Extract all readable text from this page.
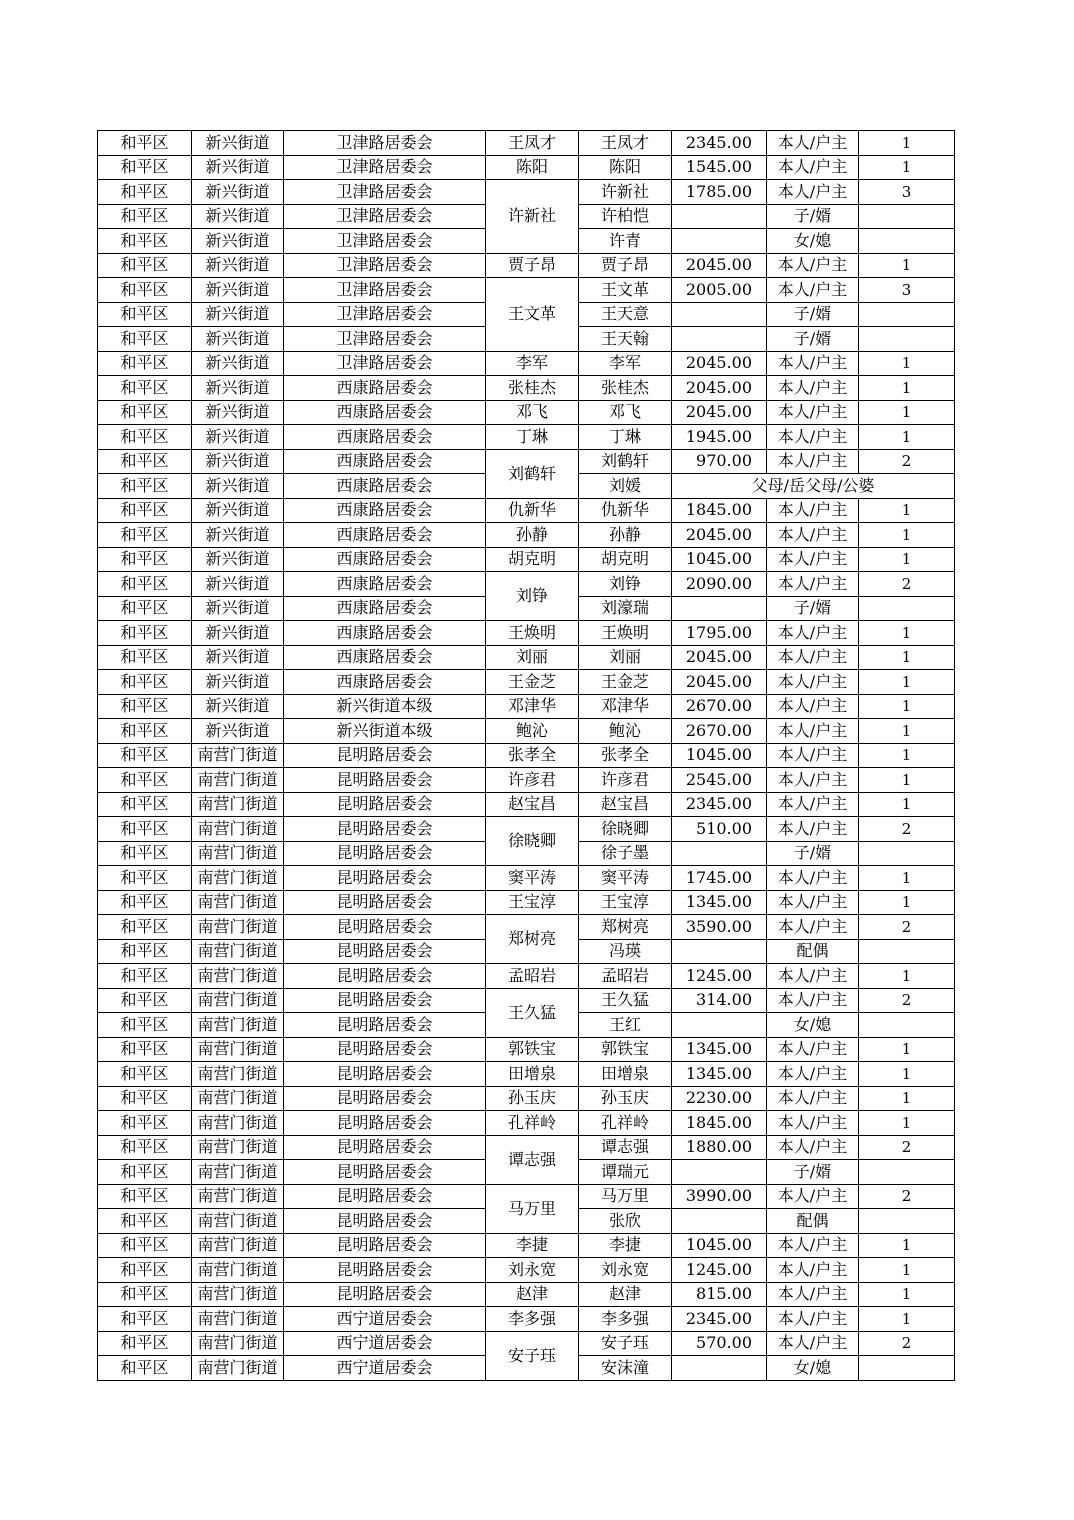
和平区	新兴街道	卫津路居委会	王凤才	王凤才	2345.00	本人/户主	1
和平区	新兴街道	卫津路居委会	陈阳	陈阳	1545.00	本人/户主	1
和平区	新兴街道	卫津路居委会	许新社	许新社	1785.00	本人/户主	3
和平区	新兴街道	卫津路居委会		许柏恺		子/婿	
和平区	新兴街道	卫津路居委会		许青		女/媳	
和平区	新兴街道	卫津路居委会	贾子昂	贾子昂	2045.00	本人/户主	1
和平区	新兴街道	卫津路居委会	王文革	王文革	2005.00	本人/户主	3
和平区	新兴街道	卫津路居委会		王天意		子/婿	
和平区	新兴街道	卫津路居委会		王天翰		子/婿	
和平区	新兴街道	卫津路居委会	李军	李军	2045.00	本人/户主	1
和平区	新兴街道	西康路居委会	张桂杰	张桂杰	2045.00	本人/户主	1
和平区	新兴街道	西康路居委会	邓飞	邓飞	2045.00	本人/户主	1
和平区	新兴街道	西康路居委会	丁琳	丁琳	1945.00	本人/户主	1
和平区	新兴街道	西康路居委会	刘鹤轩	刘鹤轩	970.00	本人/户主	2
和平区	新兴街道	西康路居委会		刘媛	父母/岳父母/公婆		
和平区	新兴街道	西康路居委会	仇新华	仇新华	1845.00	本人/户主	1
和平区	新兴街道	西康路居委会	孙静	孙静	2045.00	本人/户主	1
和平区	新兴街道	西康路居委会	胡克明	胡克明	1045.00	本人/户主	1
和平区	新兴街道	西康路居委会	刘铮	刘铮	2090.00	本人/户主	2
和平区	新兴街道	西康路居委会		刘濠瑞		子/婿	
和平区	新兴街道	西康路居委会	王焕明	王焕明	1795.00	本人/户主	1
和平区	新兴街道	西康路居委会	刘丽	刘丽	2045.00	本人/户主	1
和平区	新兴街道	西康路居委会	王金芝	王金芝	2045.00	本人/户主	1
和平区	新兴街道	新兴街道本级	邓津华	邓津华	2670.00	本人/户主	1
和平区	新兴街道	新兴街道本级	鲍沁	鲍沁	2670.00	本人/户主	1
和平区	南营门街道	昆明路居委会	张孝全	张孝全	1045.00	本人/户主	1
和平区	南营门街道	昆明路居委会	许彦君	许彦君	2545.00	本人/户主	1
和平区	南营门街道	昆明路居委会	赵宝昌	赵宝昌	2345.00	本人/户主	1
和平区	南营门街道	昆明路居委会	徐晓卿	徐晓卿	510.00	本人/户主	2
和平区	南营门街道	昆明路居委会		徐子墨		子/婿	
和平区	南营门街道	昆明路居委会	窦平涛	窦平涛	1745.00	本人/户主	1
和平区	南营门街道	昆明路居委会	王宝淳	王宝淳	1345.00	本人/户主	1
和平区	南营门街道	昆明路居委会	郑树亮	郑树亮	3590.00	本人/户主	2
和平区	南营门街道	昆明路居委会		冯瑛		配偶	
和平区	南营门街道	昆明路居委会	孟昭岩	孟昭岩	1245.00	本人/户主	1
和平区	南营门街道	昆明路居委会	王久猛	王久猛	314.00	本人/户主	2
和平区	南营门街道	昆明路居委会		王红		女/媳	
和平区	南营门街道	昆明路居委会	郭铁宝	郭铁宝	1345.00	本人/户主	1
和平区	南营门街道	昆明路居委会	田增泉	田增泉	1345.00	本人/户主	1
和平区	南营门街道	昆明路居委会	孙玉庆	孙玉庆	2230.00	本人/户主	1
和平区	南营门街道	昆明路居委会	孔祥岭	孔祥岭	1845.00	本人/户主	1
和平区	南营门街道	昆明路居委会	谭志强	谭志强	1880.00	本人/户主	2
和平区	南营门街道	昆明路居委会		谭瑞元		子/婿	
和平区	南营门街道	昆明路居委会	马万里	马万里	3990.00	本人/户主	2
和平区	南营门街道	昆明路居委会		张欣		配偶	
和平区	南营门街道	昆明路居委会	李捷	李捷	1045.00	本人/户主	1
和平区	南营门街道	昆明路居委会	刘永宽	刘永宽	1245.00	本人/户主	1
和平区	南营门街道	昆明路居委会	赵津	赵津	815.00	本人/户主	1
和平区	南营门街道	西宁道居委会	李多强	李多强	2345.00	本人/户主	1
和平区	南营门街道	西宁道居委会	安子珏	安子珏	570.00	本人/户主	2
和平区	南营门街道	西宁道居委会		安沫潼		女/媳	
